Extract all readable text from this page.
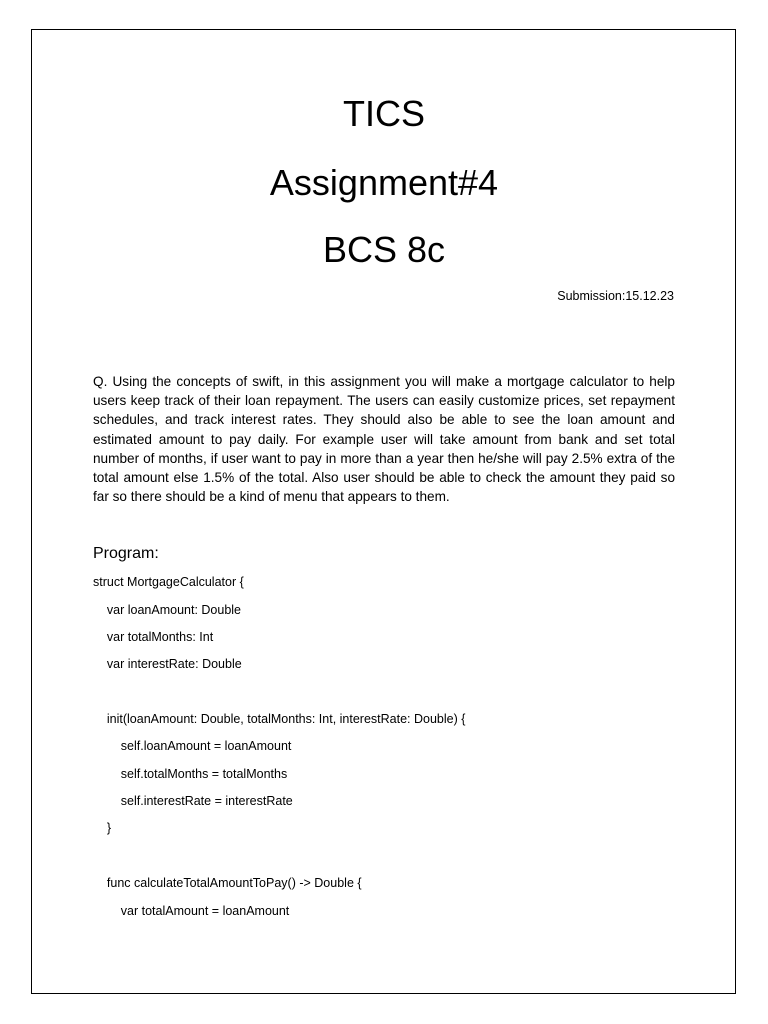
TICS
Assignment#4
BCS 8c
Submission:15.12.23
Q. Using the concepts of swift, in this assignment you will make a mortgage calculator to help users keep track of their loan repayment. The users can easily customize prices, set repayment schedules, and track interest rates. They should also be able to see the loan amount and estimated amount to pay daily. For example user will take amount from bank and set total number of months, if user want to pay in more than a year then he/she will pay 2.5% extra of the total amount else 1.5% of the total. Also user should be able to check the amount they paid so far so there should be a kind of menu that appears to them.
Program:
struct MortgageCalculator {
var loanAmount: Double
var totalMonths: Int
var interestRate: Double
init(loanAmount: Double, totalMonths: Int, interestRate: Double) {
self.loanAmount = loanAmount
self.totalMonths = totalMonths
self.interestRate = interestRate
}
func calculateTotalAmountToPay() -> Double {
var totalAmount = loanAmount
